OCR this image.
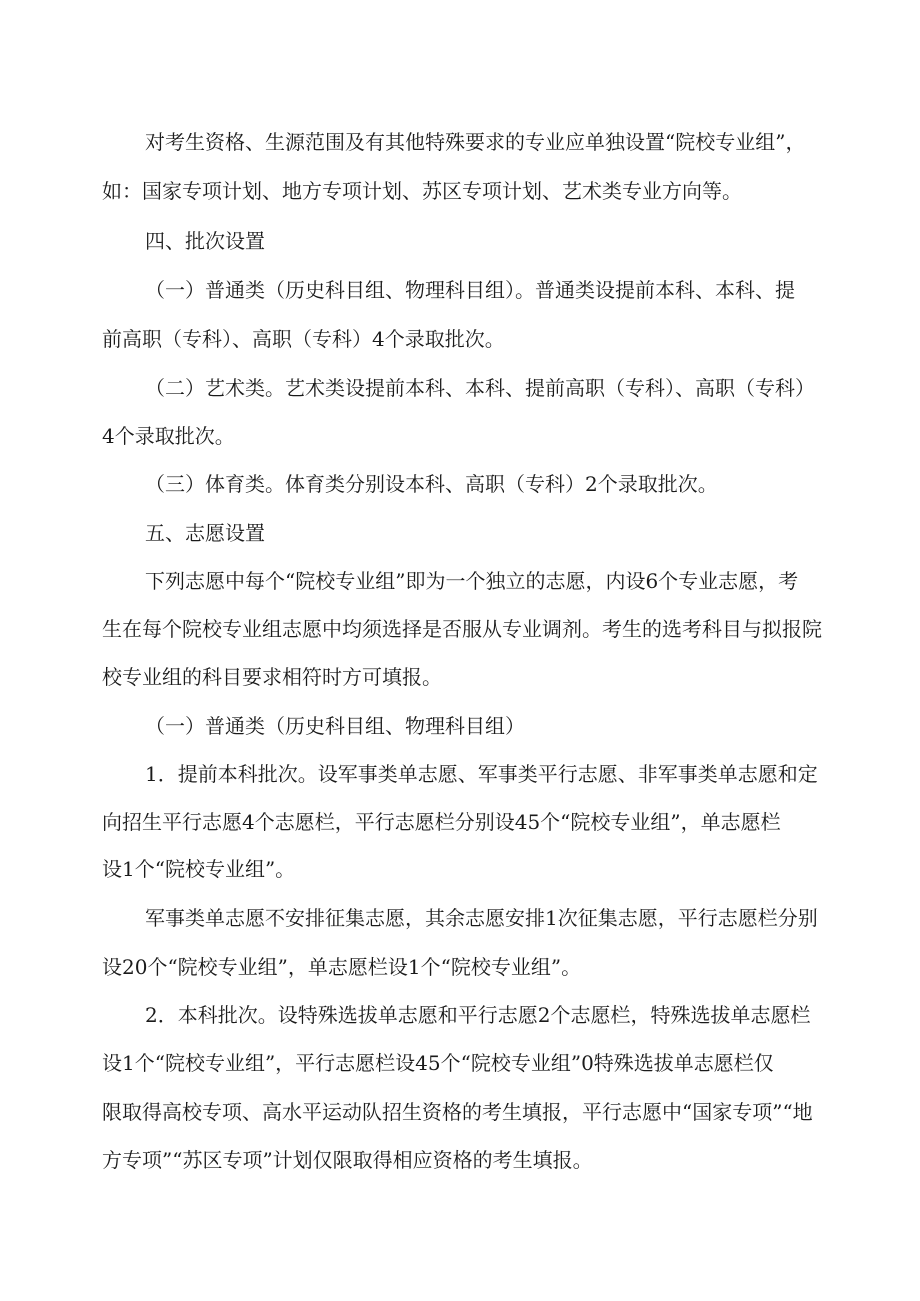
对考生资格、生源范围及有其他特殊要求的专业应单独设置“院校专业组”，
如：国家专项计划、地方专项计划、苏区专项计划、艺术类专业方向等。
四、批次设置
（一）普通类（历史科目组、物理科目组）。普通类设提前本科、本科、提
前高职（专科）、高职（专科）4个录取批次。
（二）艺术类。艺术类设提前本科、本科、提前高职（专科）、高职（专科）
4个录取批次。
（三）体育类。体育类分别设本科、高职（专科）2个录取批次。
五、志愿设置
下列志愿中每个“院校专业组”即为一个独立的志愿，内设6个专业志愿，考
生在每个院校专业组志愿中均须选择是否服从专业调剂。考生的选考科目与拟报院
校专业组的科目要求相符时方可填报。
（一）普通类（历史科目组、物理科目组）
1．提前本科批次。设军事类单志愿、军事类平行志愿、非军事类单志愿和定
向招生平行志愿4个志愿栏，平行志愿栏分别设45个“院校专业组”，单志愿栏
设1个“院校专业组”。
军事类单志愿不安排征集志愿，其余志愿安排1次征集志愿，平行志愿栏分别
设20个“院校专业组”，单志愿栏设1个“院校专业组”。
2．本科批次。设特殊选拔单志愿和平行志愿2个志愿栏，特殊选拔单志愿栏
设1个“院校专业组”，平行志愿栏设45个“院校专业组”0特殊选拔单志愿栏仅
限取得高校专项、高水平运动队招生资格的考生填报，平行志愿中“国家专项”“地
方专项”“苏区专项”计划仅限取得相应资格的考生填报。
